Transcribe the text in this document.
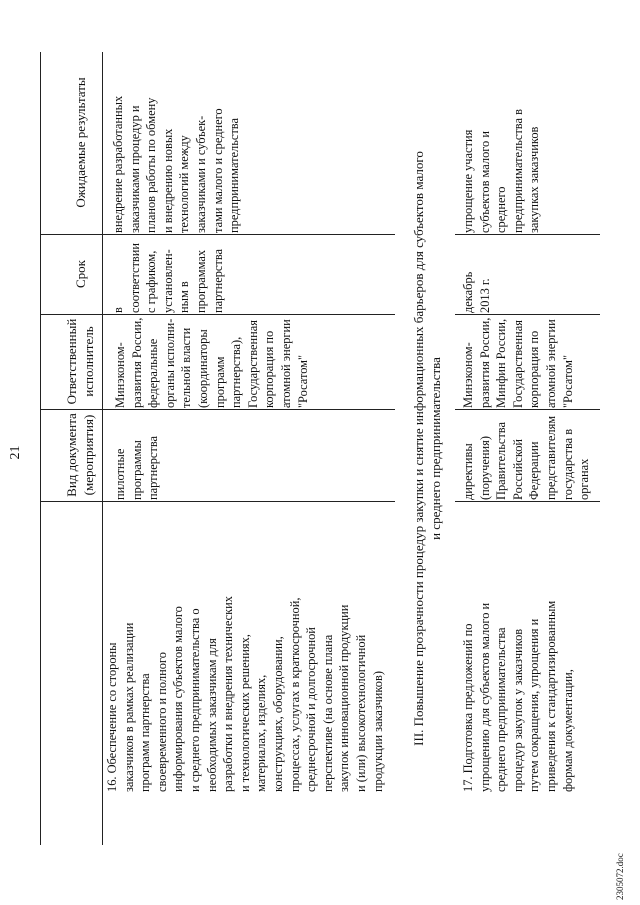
21
Вид документа
(мероприятия)
Ответственный
исполнитель
Срок
Ожидаемые результаты
16. Обеспечение со стороны
заказчиков в рамках реализации
программ партнерства
своевременного и полного
информирования субъектов малого
и среднего предпринимательства о
необходимых заказчикам для
разработки и внедрения технических
и технологических решениях,
материалах, изделиях,
конструкциях, оборудовании,
процессах, услугах в краткосрочной,
среднесрочной и долгосрочной
перспективе (на основе плана
закупок инновационной продукции
и (или) высокотехнологичной
продукции заказчиков)
пилотные
программы
партнерства
Минэконом-
развития России,
федеральные
органы исполни-
тельной власти
(координаторы
программ
партнерства),
Государственная
корпорация по
атомной энергии
"Росатом"
в
соответствии
с графиком,
установлен-
ным в
программах
партнерства
внедрение разработанных
заказчиками процедур и
планов работы по обмену
и внедрению новых
технологий между
заказчиками и субъек-
тами малого и среднего
предпринимательства
III. Повышение прозрачности процедур закупки и снятие информационных барьеров для субъектов малого
и среднего предпринимательства
17. Подготовка предложений по
упрощению для субъектов малого и
среднего предпринимательства
процедур закупок у заказчиков
путем сокращения, упрощения и
приведения к стандартизированным
формам документации,
директивы
(поручения)
Правительства
Российской
Федерации
представителям
государства в органах
Минэконом-
развития России,
Минфин России,
Государственная
корпорация по
атомной энергии
"Росатом"
декабрь
2013 г.
упрощение участия
субъектов малого и
среднего
предпринимательства в
закупках заказчиков
2305072.doc
